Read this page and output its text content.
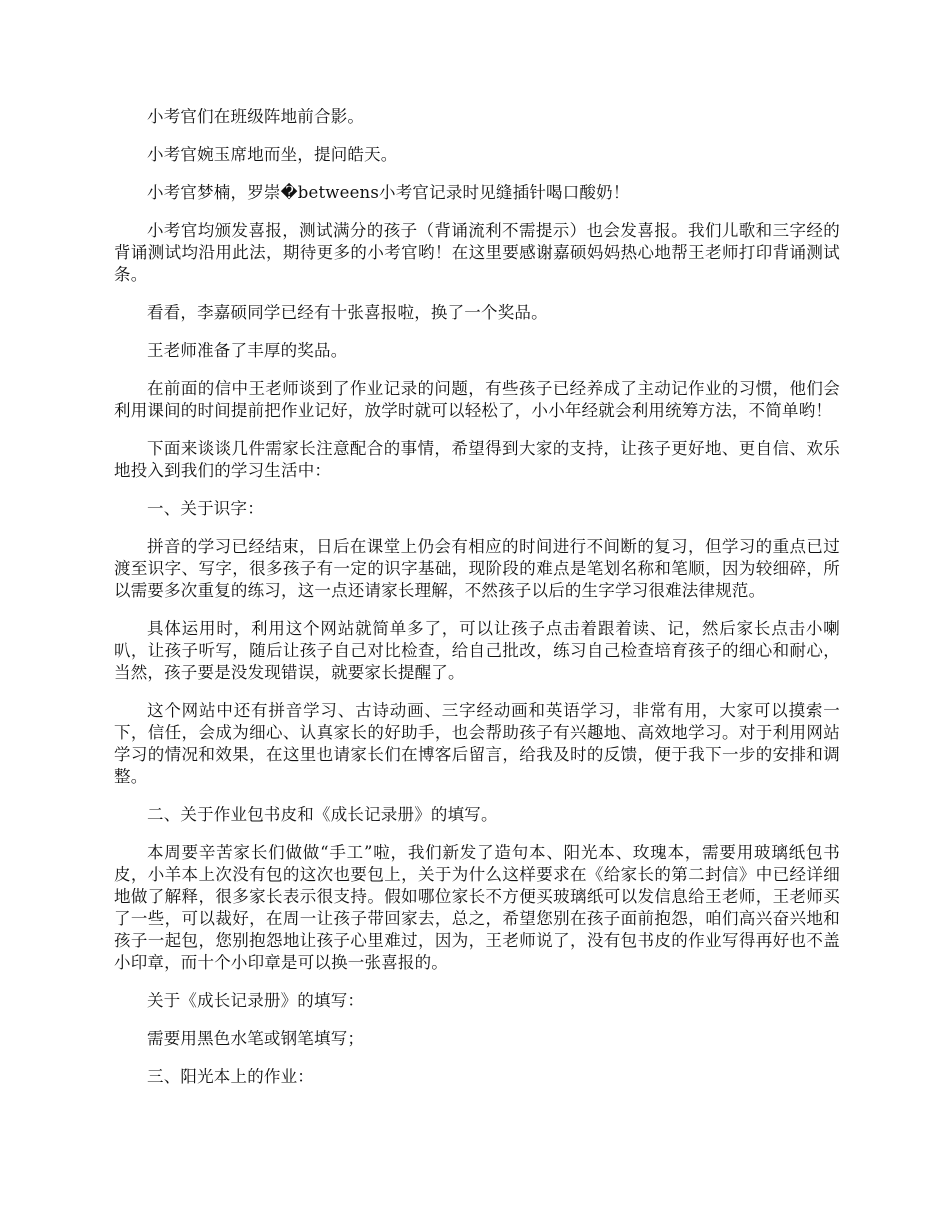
小考官们在班级阵地前合影。

小考官婉玉席地而坐，提问皓天。

小考官梦楠，罗崇�betweens小考官记录时见缝插针喝口酸奶！

小考官均颁发喜报，测试满分的孩子（背诵流利不需提示）也会发喜报。我们儿歌和三字经的背诵测试均沿用此法，期待更多的小考官哟！在这里要感谢嘉硕妈妈热心地帮王老师打印背诵测试条。

看看，李嘉硕同学已经有十张喜报啦，换了一个奖品。

王老师准备了丰厚的奖品。

在前面的信中王老师谈到了作业记录的问题，有些孩子已经养成了主动记作业的习惯，他们会利用课间的时间提前把作业记好，放学时就可以轻松了，小小年经就会利用统筹方法，不简单哟！

下面来谈谈几件需家长注意配合的事情，希望得到大家的支持，让孩子更好地、更自信、欢乐地投入到我们的学习生活中：

一、关于识字：

拼音的学习已经结束，日后在课堂上仍会有相应的时间进行不间断的复习，但学习的重点已过渡至识字、写字，很多孩子有一定的识字基础，现阶段的难点是笔划名称和笔顺，因为较细碎，所以需要多次重复的练习，这一点还请家长理解，不然孩子以后的生字学习很难法律规范。

具体运用时，利用这个网站就简单多了，可以让孩子点击着跟着读、记，然后家长点击小喇叭，让孩子听写，随后让孩子自己对比检查，给自己批改，练习自己检查培育孩子的细心和耐心，当然，孩子要是没发现错误，就要家长提醒了。

这个网站中还有拼音学习、古诗动画、三字经动画和英语学习，非常有用，大家可以摸索一下，信任，会成为细心、认真家长的好助手，也会帮助孩子有兴趣地、高效地学习。对于利用网站学习的情况和效果，在这里也请家长们在博客后留言，给我及时的反馈，便于我下一步的安排和调整。

二、关于作业包书皮和《成长记录册》的填写。

本周要辛苦家长们做做“手工”啦，我们新发了造句本、阳光本、玫瑰本，需要用玻璃纸包书皮，小羊本上次没有包的这次也要包上，关于为什么这样要求在《给家长的第二封信》中已经详细地做了解释，很多家长表示很支持。假如哪位家长不方便买玻璃纸可以发信息给王老师，王老师买了一些，可以裁好，在周一让孩子带回家去，总之，希望您别在孩子面前抱怨，咱们高兴奋兴地和孩子一起包，您别抱怨地让孩子心里难过，因为，王老师说了，没有包书皮的作业写得再好也不盖小印章，而十个小印章是可以换一张喜报的。

关于《成长记录册》的填写：

需要用黑色水笔或钢笔填写；

三、阳光本上的作业：
